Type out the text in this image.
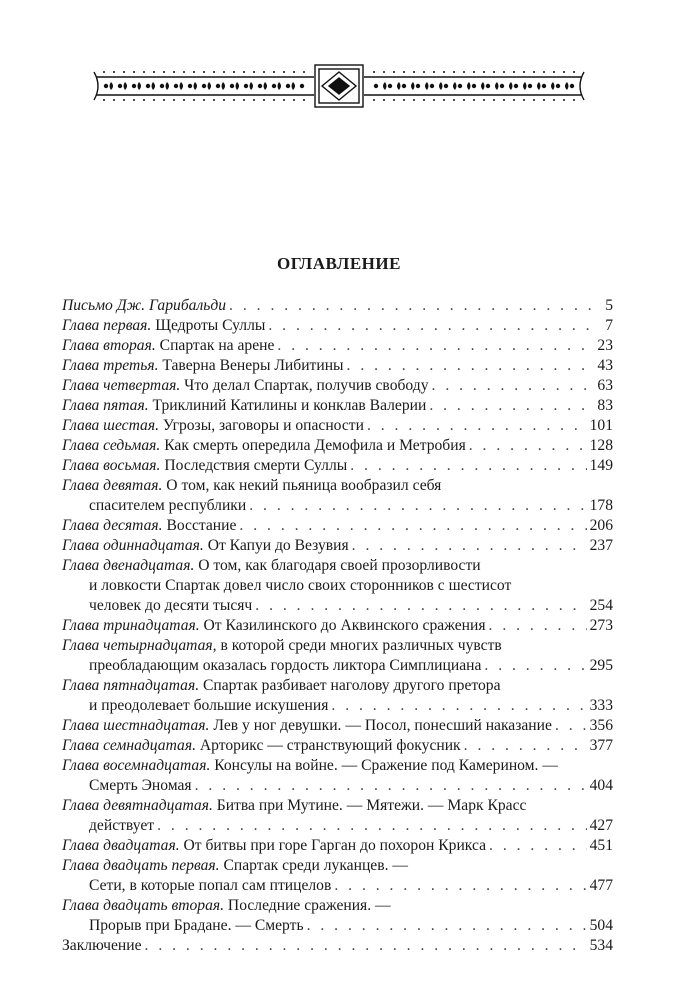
ОГЛАВЛЕНИЕ
Письмо Дж. Гарибальди . . .	5
Глава первая. Щедроты Суллы . . .	7
Глава вторая. Спартак на арене . . .	23
Глава третья. Таверна Венеры Либитины . . .	43
Глава четвертая. Что делал Спартак, получив свободу . . .	63
Глава пятая. Триклиний Катилины и конклав Валерии . . .	83
Глава шестая. Угрозы, заговоры и опасности . . .	101
Глава седьмая. Как смерть опередила Демофила и Метробия . . .	128
Глава восьмая. Последствия смерти Суллы . . .	149
Глава девятая. О том, как некий пьяница вообразил себя
спасителем республики . . .	178
Глава десятая. Восстание . . .	206
Глава одиннадцатая. От Капуи до Везувия . . .	237
Глава двенадцатая. О том, как благодаря своей прозорливости
и ловкости Спартак довел число своих сторонников с шестисот
человек до десяти тысяч . . .	254
Глава тринадцатая. От Казилинского до Аквинского сражения . . .	273
Глава четырнадцатая, в которой среди многих различных чувств
преобладающим оказалась гордость ликтора Симплициана . . .	295
Глава пятнадцатая. Спартак разбивает наголову другого претора
и преодолевает большие искушения . . .	333
Глава шестнадцатая. Лев у ног девушки. — Посол, понесший наказание . . . 356
Глава семнадцатая. Арторикс — странствующий фокусник . . .	377
Глава восемнадцатая. Консулы на войне. — Сражение под Камерином. —
Смерть Эномая . . .	404
Глава девятнадцатая. Битва при Мутине. — Мятежи. — Марк Красс
действует . . .	427
Глава двадцатая. От битвы при горе Гарган до похорон Крикса . . .	451
Глава двадцать первая. Спартак среди луканцев. —
Сети, в которые попал сам птицелов . . .	477
Глава двадцать вторая. Последние сражения. —
Прорыв при Брадане. — Смерть . . .	504
Заключение . . .	534
